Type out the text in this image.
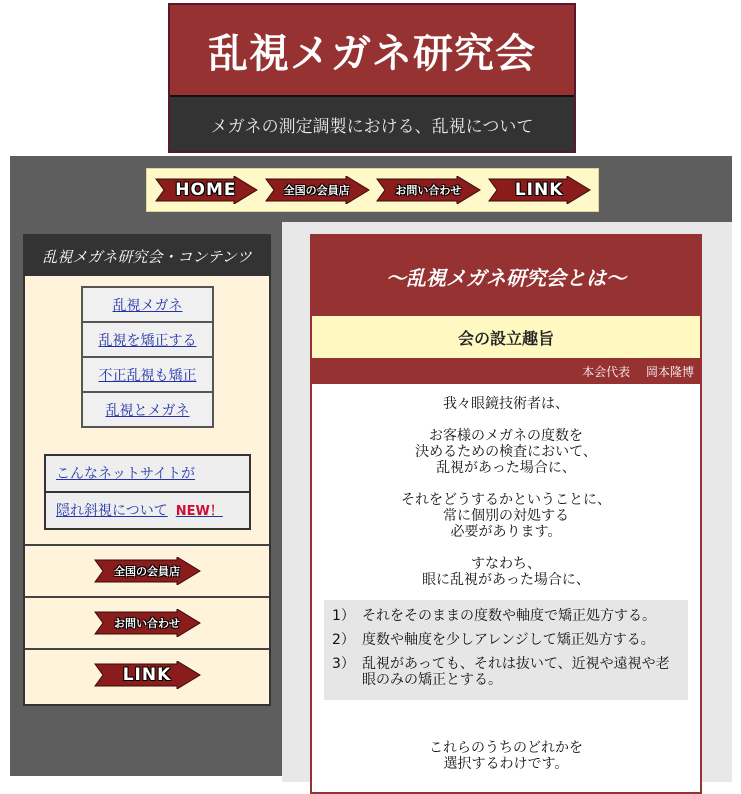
乱視メガネ研究会
メガネの測定調製における、乱視について
HOME	全国の会員店	お問い合わせ	LINK
乱視メガネ研究会・コンテンツ
乱視メガネ
乱視を矯正する
不正乱視も矯正
乱視とメガネ
こんなネットサイトが
隠れ斜視について NEW！
全国の会員店
お問い合わせ
LINK
～乱視メガネ研究会とは～
会の設立趣旨
本会代表　 岡本隆博

我々眼鏡技術者は、

お客様のメガネの度数を
決めるための検査において、
乱視があった場合に、

それをどうするかということに、
常に個別の対処する
必要があります。

すなわち、
眼に乱視があった場合に、

1） それをそのままの度数や軸度で矯正処方する。
2） 度数や軸度を少しアレンジして矯正処方する。
3） 乱視があっても、それは抜いて、近視や遠視や老眼のみの矯正とする。
これらのうちのどれかを
選択するわけです。
